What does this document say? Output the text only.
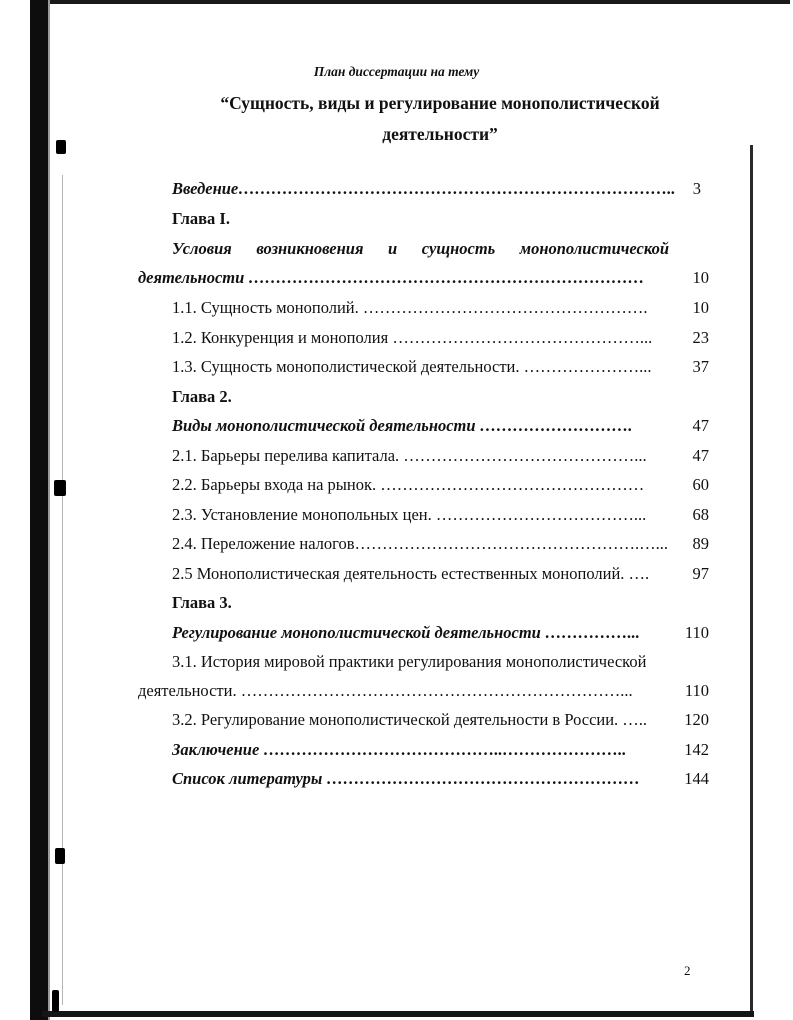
План диссертации на тему
“Сущность, виды и регулирование монополистической
деятельности”
Введение…………………………………………………………………….. 3
Глава I.
Условия возникновения и сущность монополистической
деятельности ………………………………………………………………	10
1.1. Сущность монополий. …………………………………………….	10
1.2. Конкуренция и монополия ………………………………………... 23
1.3. Сущность монополистической деятельности. …………………... 37
Глава 2.
Виды монополистической деятельности ……………………….	47
2.1. Барьеры перелива капитала. ……………………………………...	47
2.2. Барьеры входа на рынок. …………………………………………	60
2.3. Установление монопольных цен. ………………………………...	68
2.4. Переложение налогов…………………………………………….…... 89
2.5 Монополистическая деятельность естественных монополий. ….	97
Глава 3.
Регулирование монополистической деятельности ……………...	110
3.1. История мировой практики регулирования монополистической
деятельности. ……………………………………………………………...	110
3.2. Регулирование монополистической деятельности в России. ….. 120
Заключение ……………………………………..…………………..	142
Список литературы …………………………………………………	144
2
